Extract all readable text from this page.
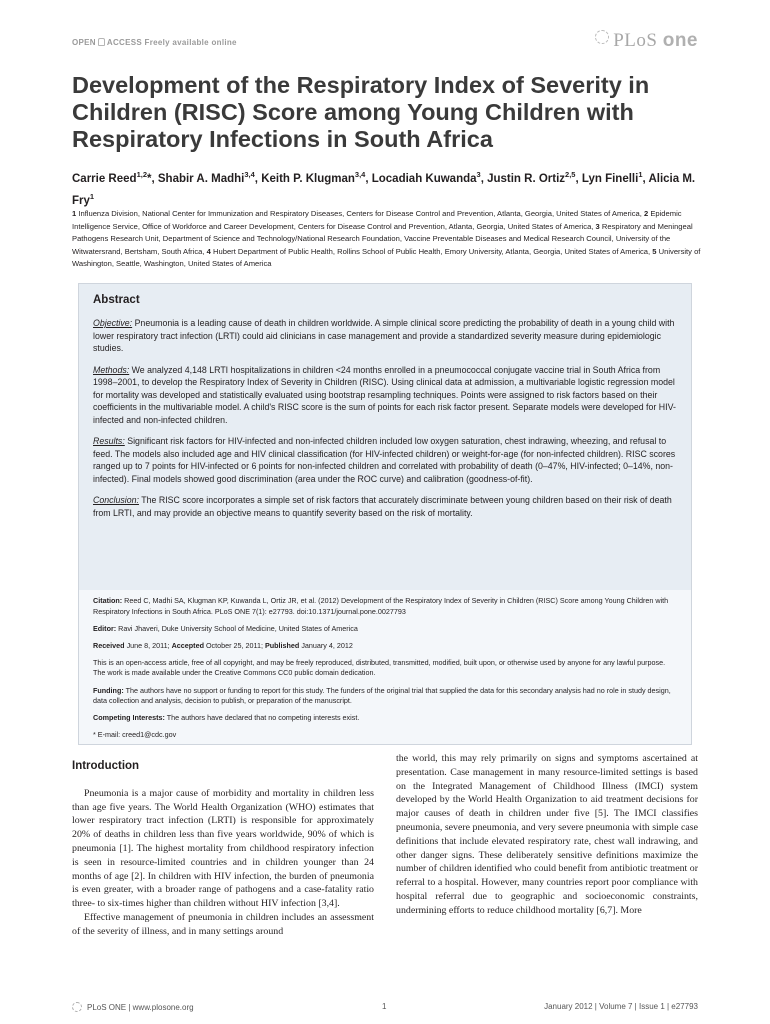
OPEN ACCESS Freely available online	PLoS one
Development of the Respiratory Index of Severity in Children (RISC) Score among Young Children with Respiratory Infections in South Africa
Carrie Reed$^{1,2}$*, Shabir A. Madhi$^{3,4}$, Keith P. Klugman$^{3,4}$, Locadiah Kuwanda$^3$, Justin R. Ortiz$^{2,5}$, Lyn Finelli$^1$, Alicia M. Fry$^1$
1 Influenza Division, National Center for Immunization and Respiratory Diseases, Centers for Disease Control and Prevention, Atlanta, Georgia, United States of America, 2 Epidemic Intelligence Service, Office of Workforce and Career Development, Centers for Disease Control and Prevention, Atlanta, Georgia, United States of America, 3 Respiratory and Meningeal Pathogens Research Unit, Department of Science and Technology/National Research Foundation, Vaccine Preventable Diseases and Medical Research Council, University of the Witwatersrand, Bertsham, South Africa, 4 Hubert Department of Public Health, Rollins School of Public Health, Emory University, Atlanta, Georgia, United States of America, 5 University of Washington, Seattle, Washington, United States of America
Abstract

Objective: Pneumonia is a leading cause of death in children worldwide. A simple clinical score predicting the probability of death in a young child with lower respiratory tract infection (LRTI) could aid clinicians in case management and provide a standardized severity measure during epidemiologic studies.

Methods: We analyzed 4,148 LRTI hospitalizations in children <24 months enrolled in a pneumococcal conjugate vaccine trial in South Africa from 1998–2001, to develop the Respiratory Index of Severity in Children (RISC). Using clinical data at admission, a multivariable logistic regression model for mortality was developed and statistically evaluated using bootstrap resampling techniques. Points were assigned to risk factors based on their coefficients in the multivariable model. A child's RISC score is the sum of points for each risk factor present. Separate models were developed for HIV-infected and non-infected children.

Results: Significant risk factors for HIV-infected and non-infected children included low oxygen saturation, chest indrawing, wheezing, and refusal to feed. The models also included age and HIV clinical classification (for HIV-infected children) or weight-for-age (for non-infected children). RISC scores ranged up to 7 points for HIV-infected or 6 points for non-infected children and correlated with probability of death (0–47%, HIV-infected; 0–14%, non-infected). Final models showed good discrimination (area under the ROC curve) and calibration (goodness-of-fit).

Conclusion: The RISC score incorporates a simple set of risk factors that accurately discriminate between young children based on their risk of death from LRTI, and may provide an objective means to quantify severity based on the risk of mortality.

Citation: Reed C, Madhi SA, Klugman KP, Kuwanda L, Ortiz JR, et al. (2012) Development of the Respiratory Index of Severity in Children (RISC) Score among Young Children with Respiratory Infections in South Africa. PLoS ONE 7(1): e27793. doi:10.1371/journal.pone.0027793
Editor: Ravi Jhaveri, Duke University School of Medicine, United States of America
Received June 8, 2011; Accepted October 25, 2011; Published January 4, 2012
This is an open-access article, free of all copyright, and may be freely reproduced, distributed, transmitted, modified, built upon, or otherwise used by anyone for any lawful purpose. The work is made available under the Creative Commons CC0 public domain dedication.
Funding: The authors have no support or funding to report for this study. The funders of the original trial that supplied the data for this secondary analysis had no role in study design, data collection and analysis, decision to publish, or preparation of the manuscript.
Competing Interests: The authors have declared that no competing interests exist.
* E-mail: creed1@cdc.gov
Introduction

Pneumonia is a major cause of morbidity and mortality in children less than age five years. The World Health Organization (WHO) estimates that lower respiratory tract infection (LRTI) is responsible for approximately 20% of deaths in children less than five years worldwide, 90% of which is pneumonia [1]. The highest mortality from childhood respiratory infection is seen in resource-limited countries and in children younger than 24 months of age [2]. In children with HIV infection, the burden of pneumonia is even greater, with a broader range of pathogens and a case-fatality ratio three- to six-times higher than children without HIV infection [3,4].

Effective management of pneumonia in children includes an assessment of the severity of illness, and in many settings around

the world, this may rely primarily on signs and symptoms ascertained at presentation. Case management in many resource-limited settings is based on the Integrated Management of Childhood Illness (IMCI) system developed by the World Health Organization to aid treatment decisions for major causes of death in children under five [5]. The IMCI classifies pneumonia, severe pneumonia, and very severe pneumonia with simple case definitions that include elevated respiratory rate, chest wall indrawing, and other danger signs. These deliberately sensitive definitions maximize the number of children identified who could benefit from antibiotic treatment or referral to a hospital. However, many countries report poor compliance with hospital referral due to geographic and socioeconomic constraints, undermining efforts to reduce childhood mortality [6,7]. More

PLoS ONE | www.plosone.org	1	January 2012 | Volume 7 | Issue 1 | e27793
